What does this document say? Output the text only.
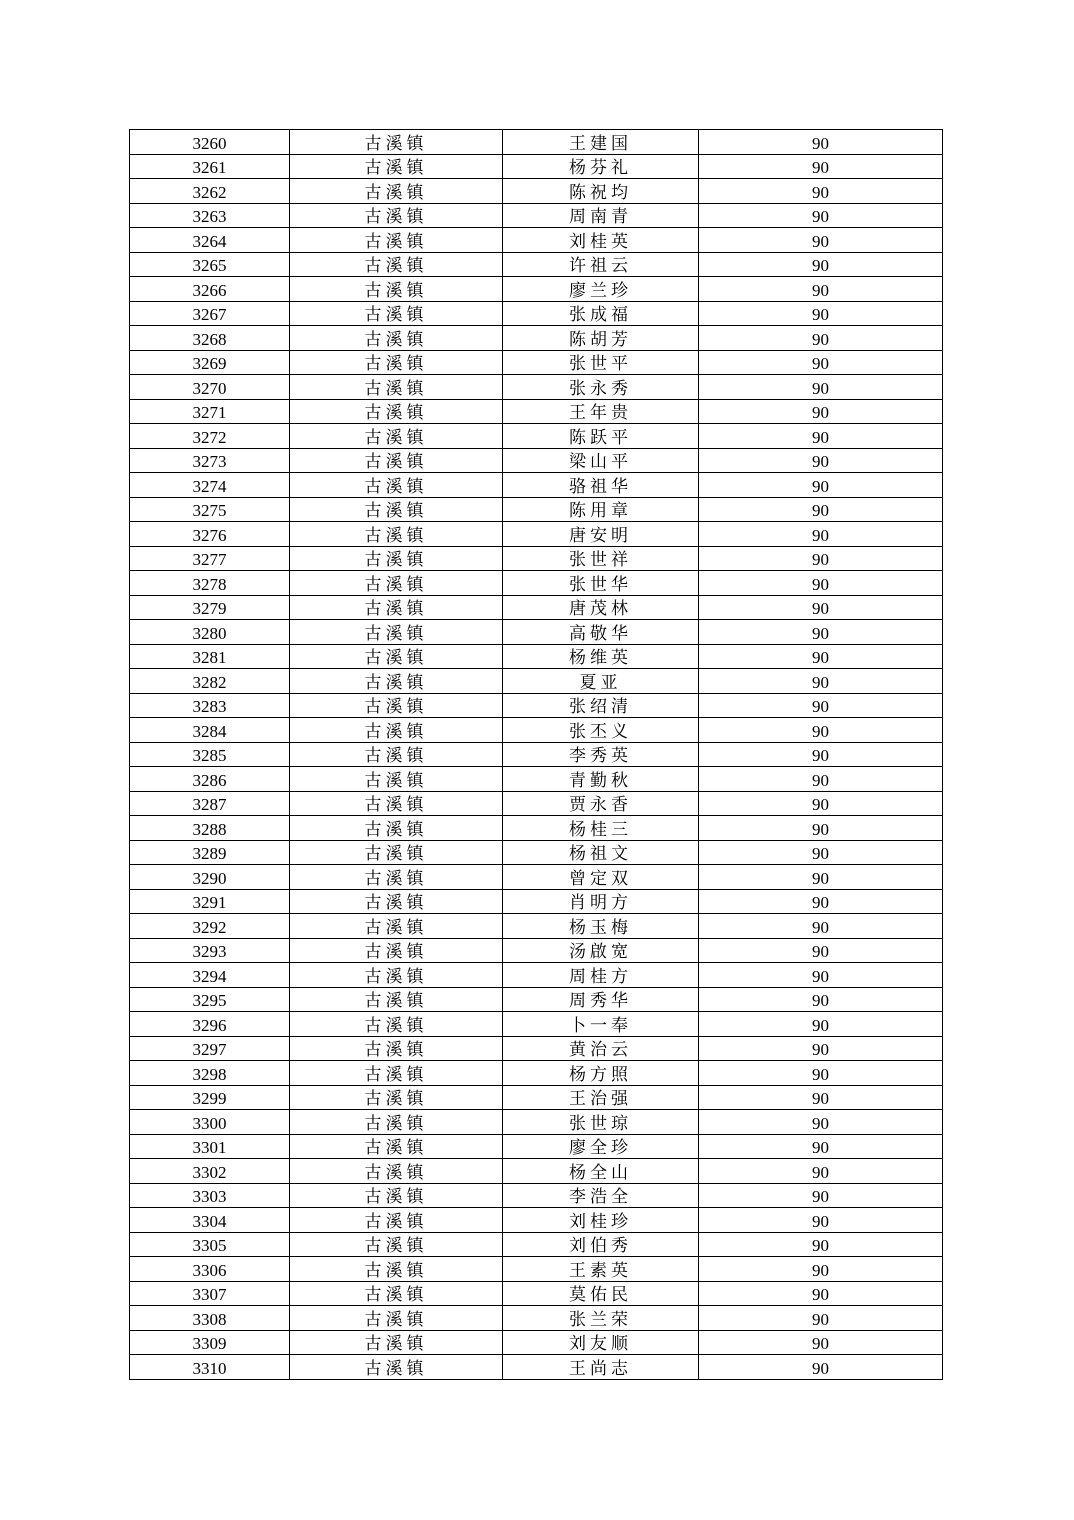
3260	古溪镇	王建国	90
3261	古溪镇	杨芬礼	90
3262	古溪镇	陈祝均	90
3263	古溪镇	周南青	90
3264	古溪镇	刘桂英	90
3265	古溪镇	许祖云	90
3266	古溪镇	廖兰珍	90
3267	古溪镇	张成福	90
3268	古溪镇	陈胡芳	90
3269	古溪镇	张世平	90
3270	古溪镇	张永秀	90
3271	古溪镇	王年贵	90
3272	古溪镇	陈跃平	90
3273	古溪镇	梁山平	90
3274	古溪镇	骆祖华	90
3275	古溪镇	陈用章	90
3276	古溪镇	唐安明	90
3277	古溪镇	张世祥	90
3278	古溪镇	张世华	90
3279	古溪镇	唐茂林	90
3280	古溪镇	高敬华	90
3281	古溪镇	杨维英	90
3282	古溪镇	夏亚	90
3283	古溪镇	张绍清	90
3284	古溪镇	张丕义	90
3285	古溪镇	李秀英	90
3286	古溪镇	青勤秋	90
3287	古溪镇	贾永香	90
3288	古溪镇	杨桂三	90
3289	古溪镇	杨祖文	90
3290	古溪镇	曾定双	90
3291	古溪镇	肖明方	90
3292	古溪镇	杨玉梅	90
3293	古溪镇	汤啟宽	90
3294	古溪镇	周桂方	90
3295	古溪镇	周秀华	90
3296	古溪镇	卜一奉	90
3297	古溪镇	黄治云	90
3298	古溪镇	杨方照	90
3299	古溪镇	王治强	90
3300	古溪镇	张世琼	90
3301	古溪镇	廖全珍	90
3302	古溪镇	杨全山	90
3303	古溪镇	李浩全	90
3304	古溪镇	刘桂珍	90
3305	古溪镇	刘伯秀	90
3306	古溪镇	王素英	90
3307	古溪镇	莫佑民	90
3308	古溪镇	张兰荣	90
3309	古溪镇	刘友顺	90
3310	古溪镇	王尚志	90
